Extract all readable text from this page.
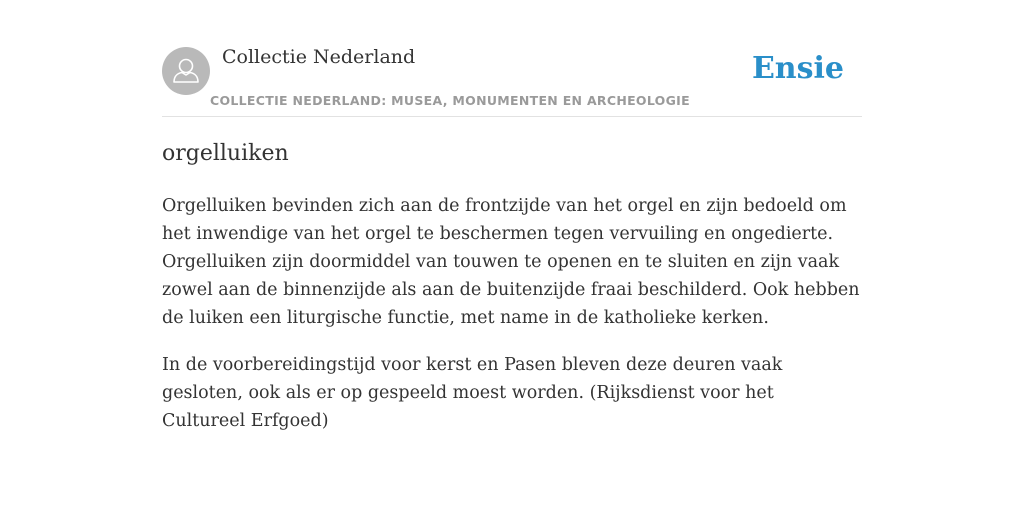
Collectie Nederland
COLLECTIE NEDERLAND: MUSEA, MONUMENTEN EN ARCHEOLOGIE
Ensie
orgelluiken

Orgelluiken bevinden zich aan de frontzijde van het orgel en zijn bedoeld om het inwendige van het orgel te beschermen tegen vervuiling en ongedierte. Orgelluiken zijn doormiddel van touwen te openen en te sluiten en zijn vaak zowel aan de binnenzijde als aan de buitenzijde fraai beschilderd. Ook hebben de luiken een liturgische functie, met name in de katholieke kerken.

In de voorbereidingstijd voor kerst en Pasen bleven deze deuren vaak gesloten, ook als er op gespeeld moest worden. (Rijksdienst voor het Cultureel Erfgoed)
